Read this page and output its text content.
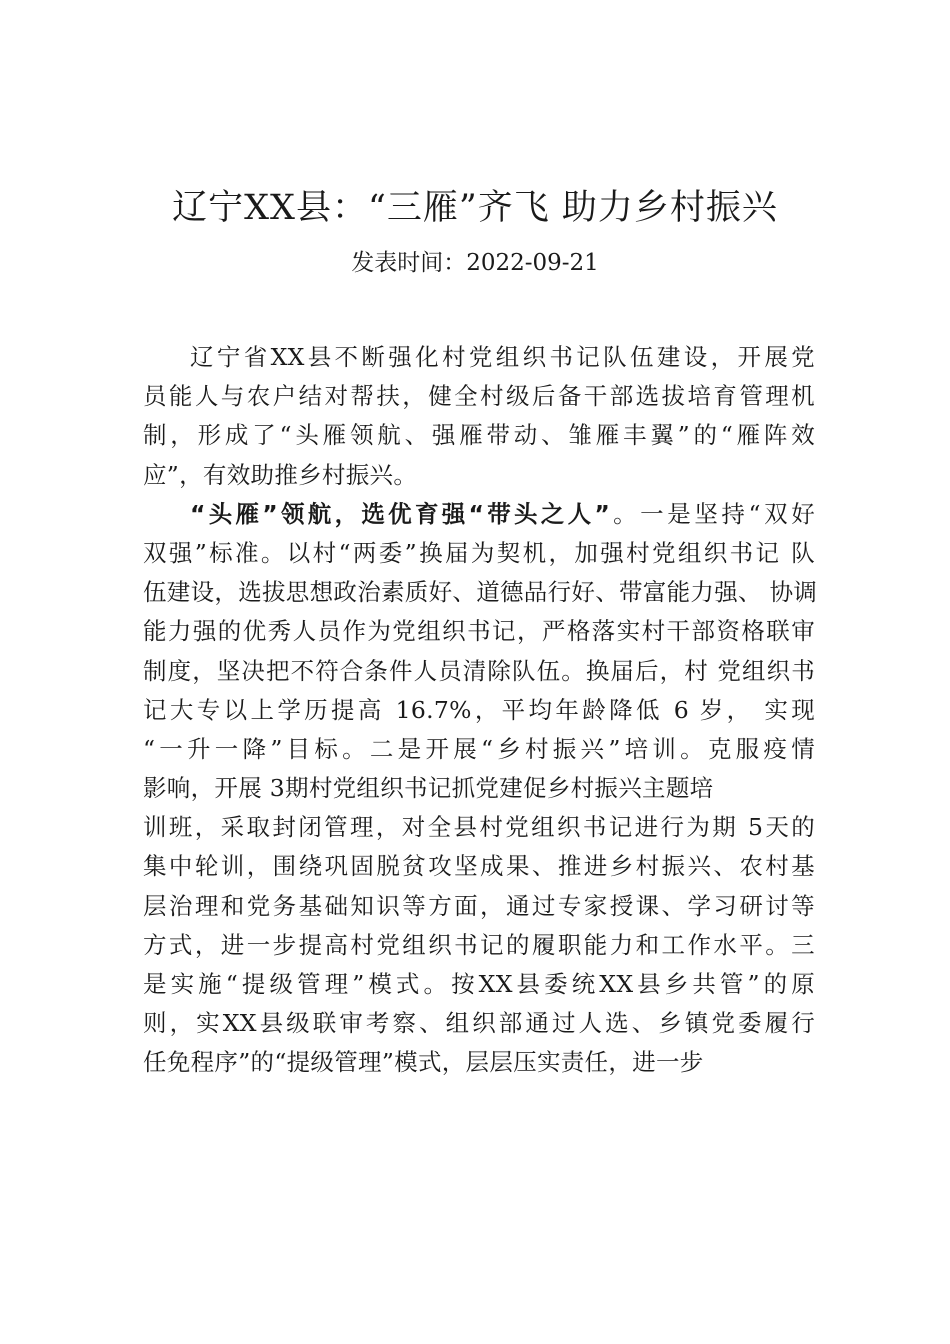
辽宁XX县：“三雁”齐飞 助力乡村振兴
发表时间：2022-09-21
辽宁省XX县不断强化村党组织书记队伍建设，开展党
员能人与农户结对帮扶，健全村级后备干部选拔培育管理机
制，形成了“头雁领航、强雁带动、雏雁丰翼”的“雁阵效
应”，有效助推乡村振兴。
“头雁”领航，选优育强“带头之人”。一是坚持“双好
双强”标准。以村“两委”换届为契机，加强村党组织书记 队
伍建设，选拔思想政治素质好、道德品行好、带富能力强、 协调
能力强的优秀人员作为党组织书记，严格落实村干部资格联审
制度，坚决把不符合条件人员清除队伍。换届后，村 党组织书
记大专以上学历提高 16.7%，平均年龄降低 6 岁， 实现
“一升一降”目标。二是开展“乡村振兴”培训。克服疫情
影响，开展 3期村党组织书记抓党建促乡村振兴主题培
训班，采取封闭管理，对全县村党组织书记进行为期 5天的
集中轮训，围绕巩固脱贫攻坚成果、推进乡村振兴、农村基
层治理和党务基础知识等方面，通过专家授课、学习研讨等
方式，进一步提高村党组织书记的履职能力和工作水平。三
是实施“提级管理”模式。按XX县委统XX县乡共管”的原
则，实XX县级联审考察、组织部通过人选、乡镇党委履行
任免程序”的“提级管理”模式，层层压实责任，进一步
